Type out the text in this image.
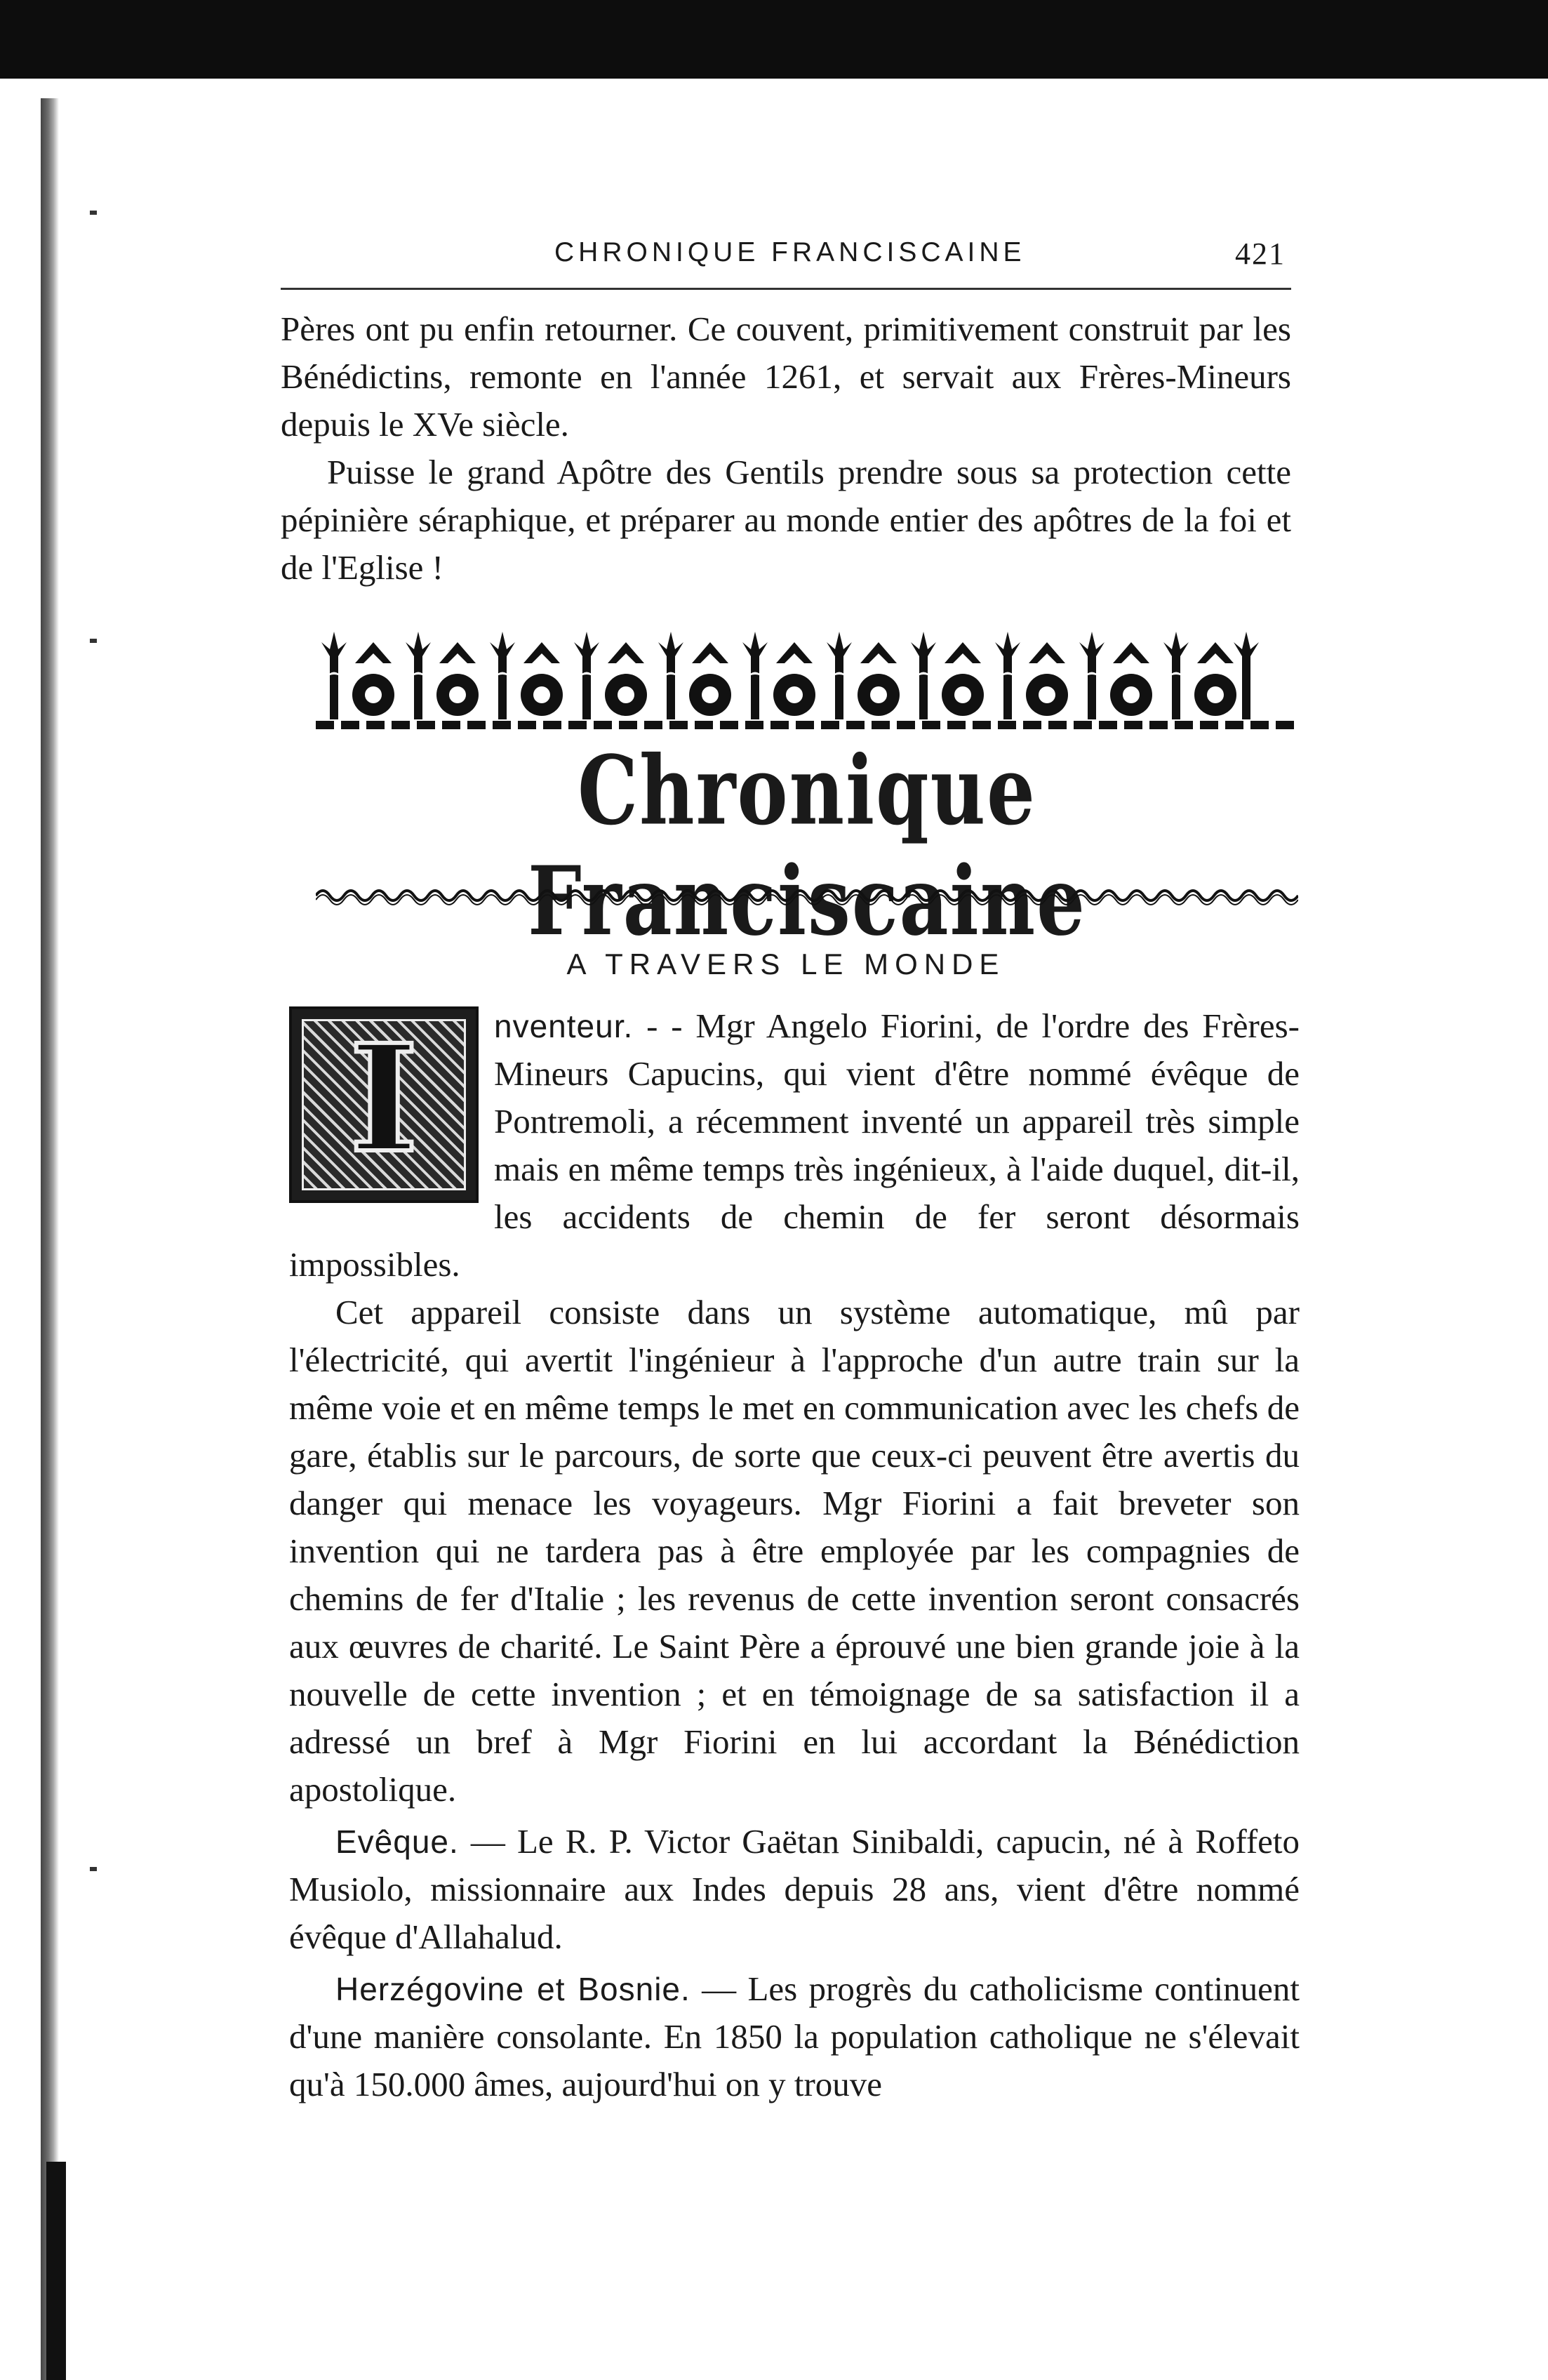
CHRONIQUE FRANCISCAINE	421

Pères ont pu enfin retourner. Ce couvent, primitivement construit par les Bénédictins, remonte en l'année 1261, et servait aux Frères-Mineurs depuis le XVe siècle.

Puisse le grand Apôtre des Gentils prendre sous sa protection cette pépinière séraphique, et préparer au monde entier des apôtres de la foi et de l'Eglise !

Chronique Franciscaine
A TRAVERS LE MONDE
I	nventeur. - - Mgr Angelo Fiorini, de l'ordre des Frères-Mineurs Capucins, qui vient d'être nommé évêque de Pontremoli, a récemment inventé un appareil très simple mais en même temps très ingénieux, à l'aide duquel, dit-il, les accidents de chemin de fer seront désormais impossibles.

Cet appareil consiste dans un système automatique, mû par l'électricité, qui avertit l'ingénieur à l'approche d'un autre train sur la même voie et en même temps le met en communication avec les chefs de gare, établis sur le parcours, de sorte que ceux-ci peuvent être avertis du danger qui menace les voyageurs. Mgr Fiorini a fait breveter son invention qui ne tardera pas à être employée par les compagnies de chemins de fer d'Italie ; les revenus de cette invention seront consacrés aux œuvres de charité. Le Saint Père a éprouvé une bien grande joie à la nouvelle de cette invention ; et en témoignage de sa satisfaction il a adressé un bref à Mgr Fiorini en lui accordant la Bénédiction apostolique.

Evêque. — Le R. P. Victor Gaëtan Sinibaldi, capucin, né à Roffeto Musiolo, missionnaire aux Indes depuis 28 ans, vient d'être nommé évêque d'Allahalud.

Herzégovine et Bosnie. — Les progrès du catholicisme continuent d'une manière consolante. En 1850 la population catholique ne s'élevait qu'à 150.000 âmes, aujourd'hui on y trouve
